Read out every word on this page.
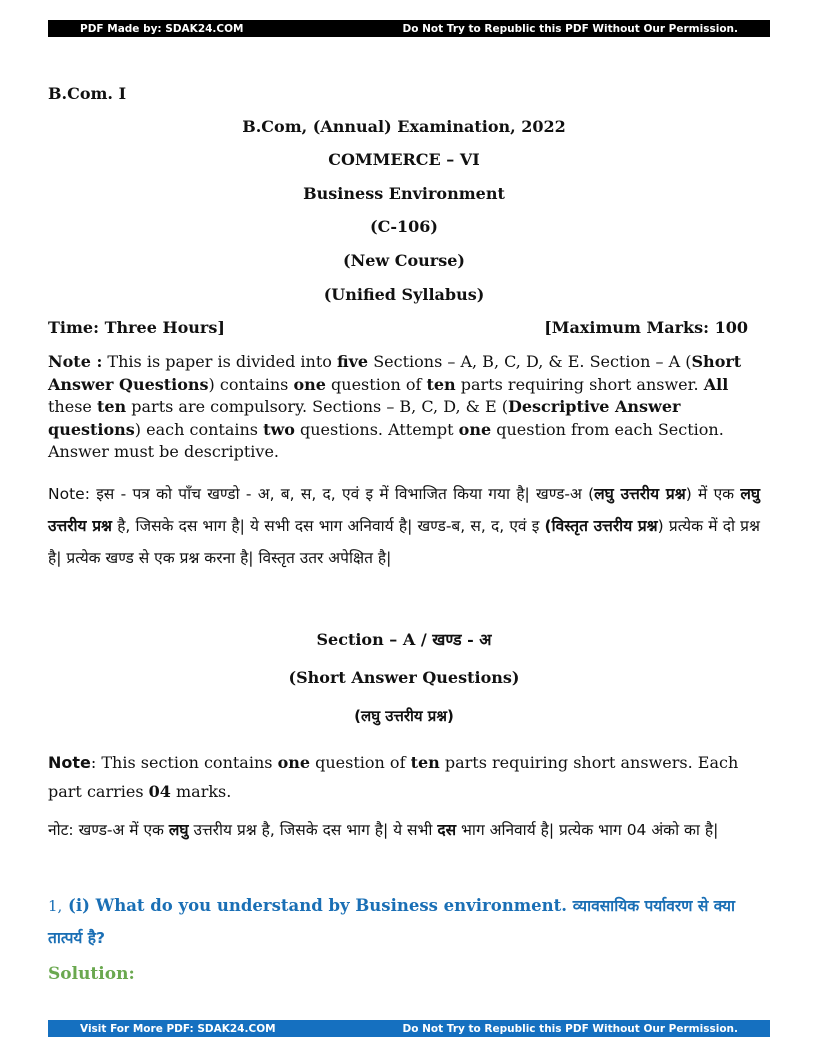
PDF Made by: SDAK24.COM	Do Not Try to Republic this PDF Without Our Permission.
B.Com. I
B.Com, (Annual) Examination, 2022
COMMERCE – VI
Business Environment
(C-106)
(New Course)
(Unified Syllabus)
Time: Three Hours]	[Maximum Marks: 100

Note : This is paper is divided into five Sections – A, B, C, D, & E. Section – A (Short Answer Questions) contains one question of ten parts requiring short answer. All these ten parts are compulsory. Sections – B, C, D, & E (Descriptive Answer questions) each contains two questions. Attempt one question from each Section. Answer must be descriptive.

Note: इस - पत्र को पाँच खण्डो - अ, ब, स, द, एवं इ में विभाजित किया गया है| खण्ड-अ (लघु उत्तरीय प्रश्न) में एक लघु उत्तरीय प्रश्न है, जिसके दस भाग है| ये सभी दस भाग अनिवार्य है| खण्ड-ब, स, द, एवं इ (विस्तृत उत्तरीय प्रश्न) प्रत्येक में दो प्रश्न है| प्रत्येक खण्ड से एक प्रश्न करना है| विस्तृत उतर अपेक्षित है|

Section – A / खण्ड - अ
(Short Answer Questions)
(लघु उत्तरीय प्रश्न)

Note: This section contains one question of ten parts requiring short answers. Each part carries 04 marks.

नोट: खण्ड-अ में एक लघु उत्तरीय प्रश्न है, जिसके दस भाग है| ये सभी दस भाग अनिवार्य है| प्रत्येक भाग 04 अंको का है|

1, (i) What do you understand by Business environment. व्यावसायिक पर्यावरण से क्या तात्पर्य है?

Solution:
Visit For More PDF: SDAK24.COM	Do Not Try to Republic this PDF Without Our Permission.
